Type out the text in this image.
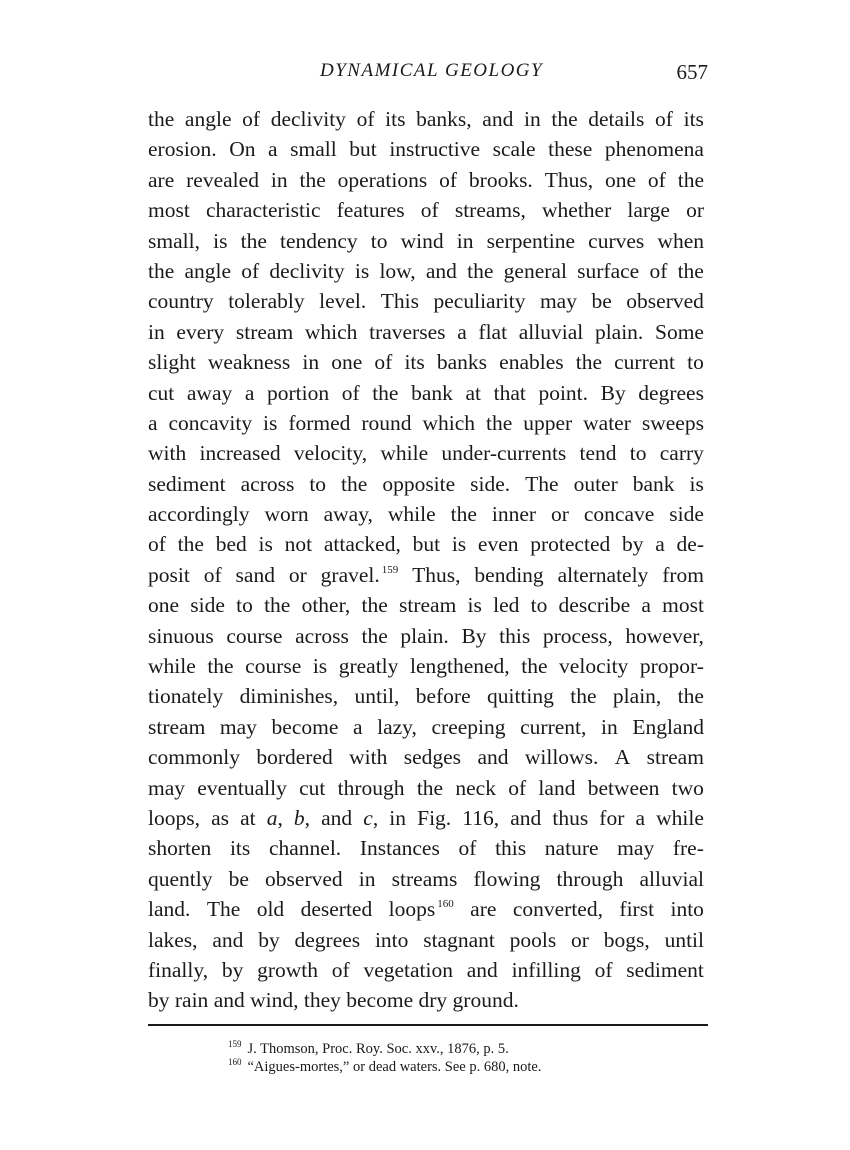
DYNAMICAL GEOLOGY	657
the angle of declivity of its banks, and in the details of its
erosion. On a small but instructive scale these phenomena
are revealed in the operations of brooks. Thus, one of the
most characteristic features of streams, whether large or
small, is the tendency to wind in serpentine curves when
the angle of declivity is low, and the general surface of the
country tolerably level. This peculiarity may be observed
in every stream which traverses a flat alluvial plain. Some
slight weakness in one of its banks enables the current to
cut away a portion of the bank at that point. By degrees
a concavity is formed round which the upper water sweeps
with increased velocity, while under-currents tend to carry
sediment across to the opposite side. The outer bank is
accordingly worn away, while the inner or concave side
of the bed is not attacked, but is even protected by a de-
posit of sand or gravel. $^{159}$ Thus, bending alternately from
one side to the other, the stream is led to describe a most
sinuous course across the plain. By this process, however,
while the course is greatly lengthened, the velocity propor-
tionately diminishes, until, before quitting the plain, the
stream may become a lazy, creeping current, in England
commonly bordered with sedges and willows. A stream
may eventually cut through the neck of land between two
loops, as at a, b, and c, in Fig. 116, and thus for a while
shorten its channel. Instances of this nature may fre-
quently be observed in streams flowing through alluvial
land. The old deserted loops $^{160}$ are converted, first into
lakes, and by degrees into stagnant pools or bogs, until
finally, by growth of vegetation and infilling of sediment
by
rain
and
wind,
they
become
dry
ground.
$^{159}$ J. Thomson, Proc. Roy. Soc. xxv., 1876, p. 5.
$^{160}$ “Aigues-mortes,” or dead waters. See p. 680, note.
